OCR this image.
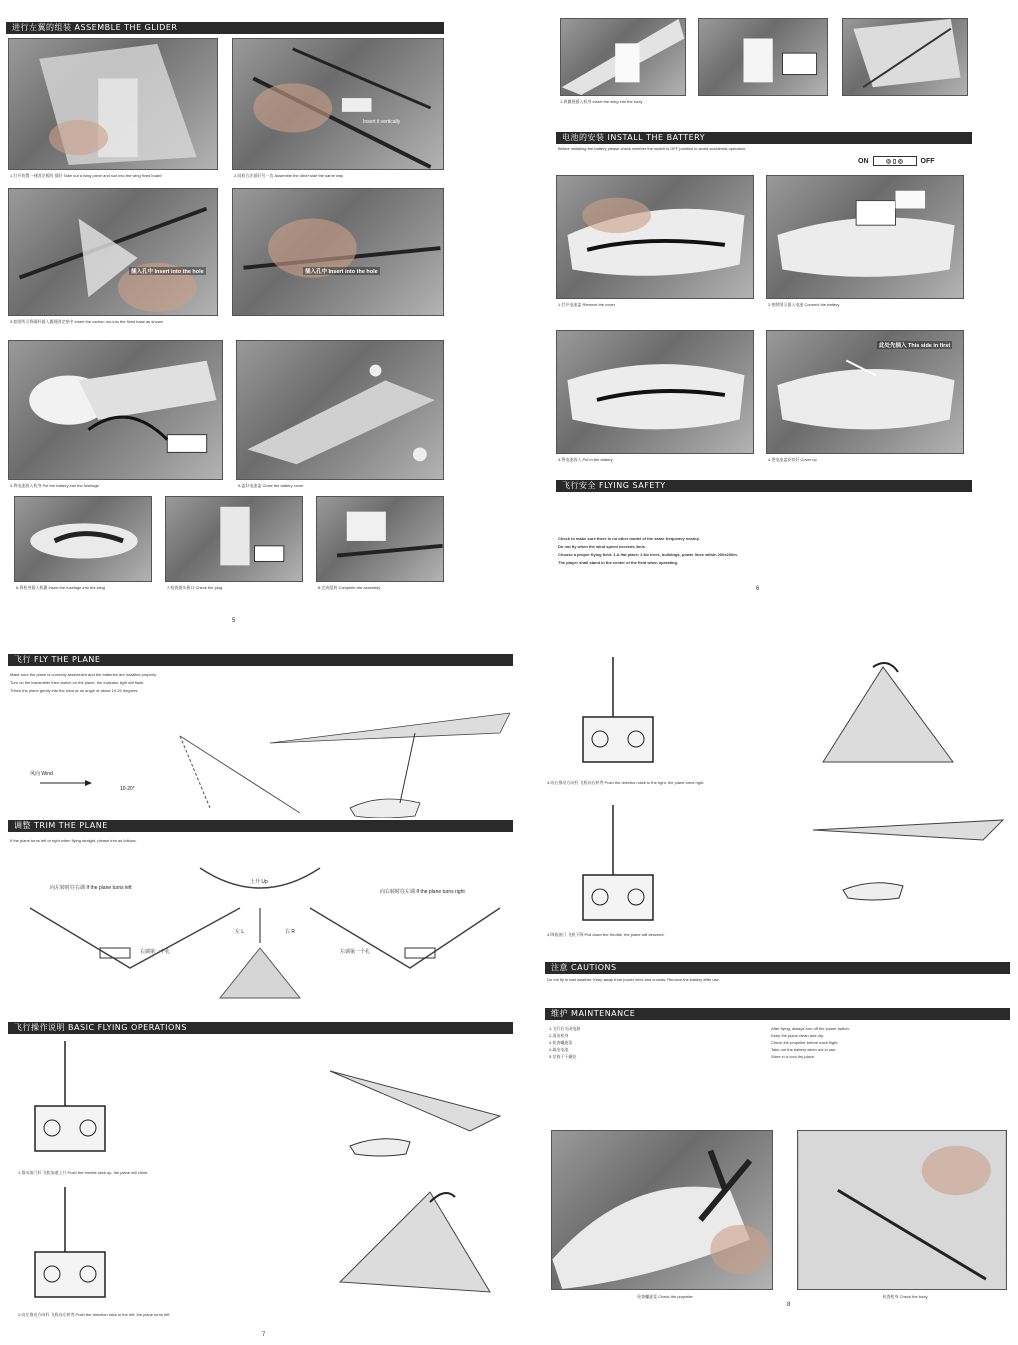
进行左翼的组装 ASSEMBLE THE GLIDER
Insert it vertically
1.打开装置一到固定板的 插好 Take out a wing piece and slot into the wing fixed board	2.同样方法插好另一边 Assemble the other side the same way
插入孔中 Insert into the hole	插入孔中 Insert into the hole
3.如图所示将碳杆插入翼展固定座中 Insert the carbon rod into the fixed base as shown
4.将电池放入机身 Put the battery into the fuselage	5.盖好电池盖 Close the battery cover
6.将机身插入机翼 Insert the fuselage into the wing	7.检查插头接口 Check the plug	8.完成组装 Complete the assembly
5
1.将翼展插入机身 Insert the wing into the body
电池的安装 INSTALL THE BATTERY
Before installing the battery please check whether the switch is OFF position to avoid accidental operation.
ON	◎ ▯ ◎	OFF
1.打开电池盖 Remove the cover	2.按照图示插入电池 Connect the battery
此处先插入 This side in first
3.将电池放入 Put in the battery	4.把电池盖安装好 Cover up
飞行安全 FLYING SAFETY
Check to make sure there is no other model of the same frequency nearby.
Do not fly when the wind speed exceeds 3m/s.
Choose a proper flying field: 1.A flat place; 2.No trees, buildings, power lines within 200x200m.
The player shall stand in the center of the field when operating.
6
飞行 FLY THE PLANE
Make sure the plane is correctly assembled and the batteries are installed properly.
Turn on the transmitter then switch on the plane, the indicator light will flash.
Throw the plane gently into the wind at an angle of about 10-20 degrees.
风向 Wind
10-20°
调整 TRIM THE PLANE
If the plane turns left or right when flying straight, please trim as follows.
向左转时往右调 If the plane turns left
向右转时往左调 If the plane turns right
上升 Up
左 L	右 R
右调第一个孔	左调第一个孔
飞行操作说明 BASIC FLYING OPERATIONS
1.推动油门杆 飞机加速上升 Push the throttle stick up, the plane will climb.
2.向左推动方向杆 飞机向左转弯 Push the direction stick to the left, the plane turns left.
7
3.向右推动方向杆 飞机向右转弯 Push the direction stick to the right, the plane turns right.
4.降低油门 飞机下降 Pull down the throttle, the plane will descend.
注意 CAUTIONS
Do not fly in bad weather. Keep away from power lines and crowds. Remove the battery after use.
维护 MAINTENANCE
1.飞行后关闭电源
2.清洁机身
3.检查螺旋桨
4.取出电池
5.存放于干燥处
After flying, always turn off the power switch.
Keep the plane clean and dry.
Check the propeller before each flight.
Take out the battery when not in use.
Store in a cool dry place.
检查螺旋桨 Check the propeller	检查机身 Check the body
8
